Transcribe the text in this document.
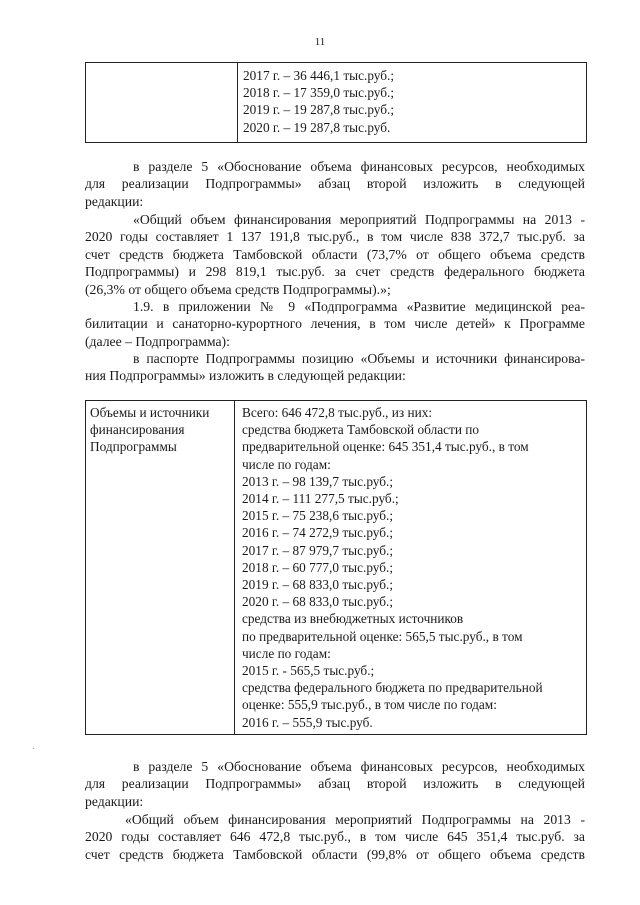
11
2017 г. – 36 446,1 тыс.руб.;
2018 г. – 17 359,0 тыс.руб.;
2019 г. – 19 287,8 тыс.руб.;
2020 г. – 19 287,8 тыс.руб.
в разделе 5 «Обоснование объема финансовых ресурсов, необходимых
для реализации Подпрограммы» абзац второй изложить в следующей
редакции:
«Общий объем финансирования мероприятий Подпрограммы на 2013 -
2020 годы составляет 1 137 191,8 тыс.руб., в том числе 838 372,7 тыс.руб. за
счет средств бюджета Тамбовской области (73,7% от общего объема средств
Подпрограммы) и 298 819,1 тыс.руб. за счет средств федерального бюджета
(26,3% от общего объема средств Подпрограммы).»;
1.9. в приложении № 9 «Подпрограмма «Развитие медицинской реа-
билитации и санаторно-курортного лечения, в том числе детей» к Программе
(далее – Подпрограмма):
в паспорте Подпрограммы позицию «Объемы и источники финансирова-
ния Подпрограммы» изложить в следующей редакции:
Объемы и источники
финансирования
Подпрограммы
Всего: 646 472,8 тыс.руб., из них:
средства бюджета Тамбовской области по
предварительной оценке: 645 351,4 тыс.руб., в том
числе по годам:
2013 г. – 98 139,7 тыс.руб.;
2014 г. – 111 277,5 тыс.руб.;
2015 г. – 75 238,6 тыс.руб.;
2016 г. – 74 272,9 тыс.руб.;
2017 г. – 87 979,7 тыс.руб.;
2018 г. – 60 777,0 тыс.руб.;
2019 г. – 68 833,0 тыс.руб.;
2020 г. – 68 833,0 тыс.руб.;
средства из внебюджетных источников
по предварительной оценке: 565,5 тыс.руб., в том
числе по годам:
2015 г. - 565,5 тыс.руб.;
средства федерального бюджета по предварительной
оценке: 555,9 тыс.руб., в том числе по годам:
2016 г. – 555,9 тыс.руб.
в разделе 5 «Обоснование объема финансовых ресурсов, необходимых
для реализации Подпрограммы» абзац второй изложить в следующей
редакции:
«Общий объем финансирования мероприятий Подпрограммы на 2013 -
2020 годы составляет 646 472,8 тыс.руб., в том числе 645 351,4 тыс.руб. за
счет средств бюджета Тамбовской области (99,8% от общего объема средств
·
